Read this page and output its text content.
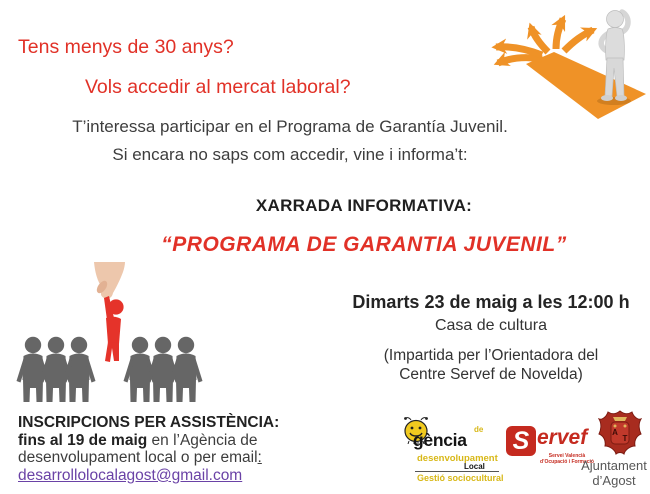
Tens menys de 30 anys?
Vols accedir al mercat laboral?
T’interessa participar en el Programa de Garantía Juvenil.
Si encara no saps com accedir, vine i informa’t:
XARRADA INFORMATIVA:
“PROGRAMA DE GARANTIA JUVENIL”
Dimarts 23 de maig a les 12:00 h
Casa de cultura
(Impartida per l’Orientadora del
Centre Servef de Novelda)
INSCRIPCIONS PER ASSISTÈNCIA:
fins al 19 de maig en l’Agència de
desenvolupament local o per email:
desarrollolocalagost@gmail.com
de
gència
desenvolupament
Local
Gestió sociocultural
S ervef
Servei Valencià
d’Ocupació i Formació
A
T
Ajuntament
d’Agost
